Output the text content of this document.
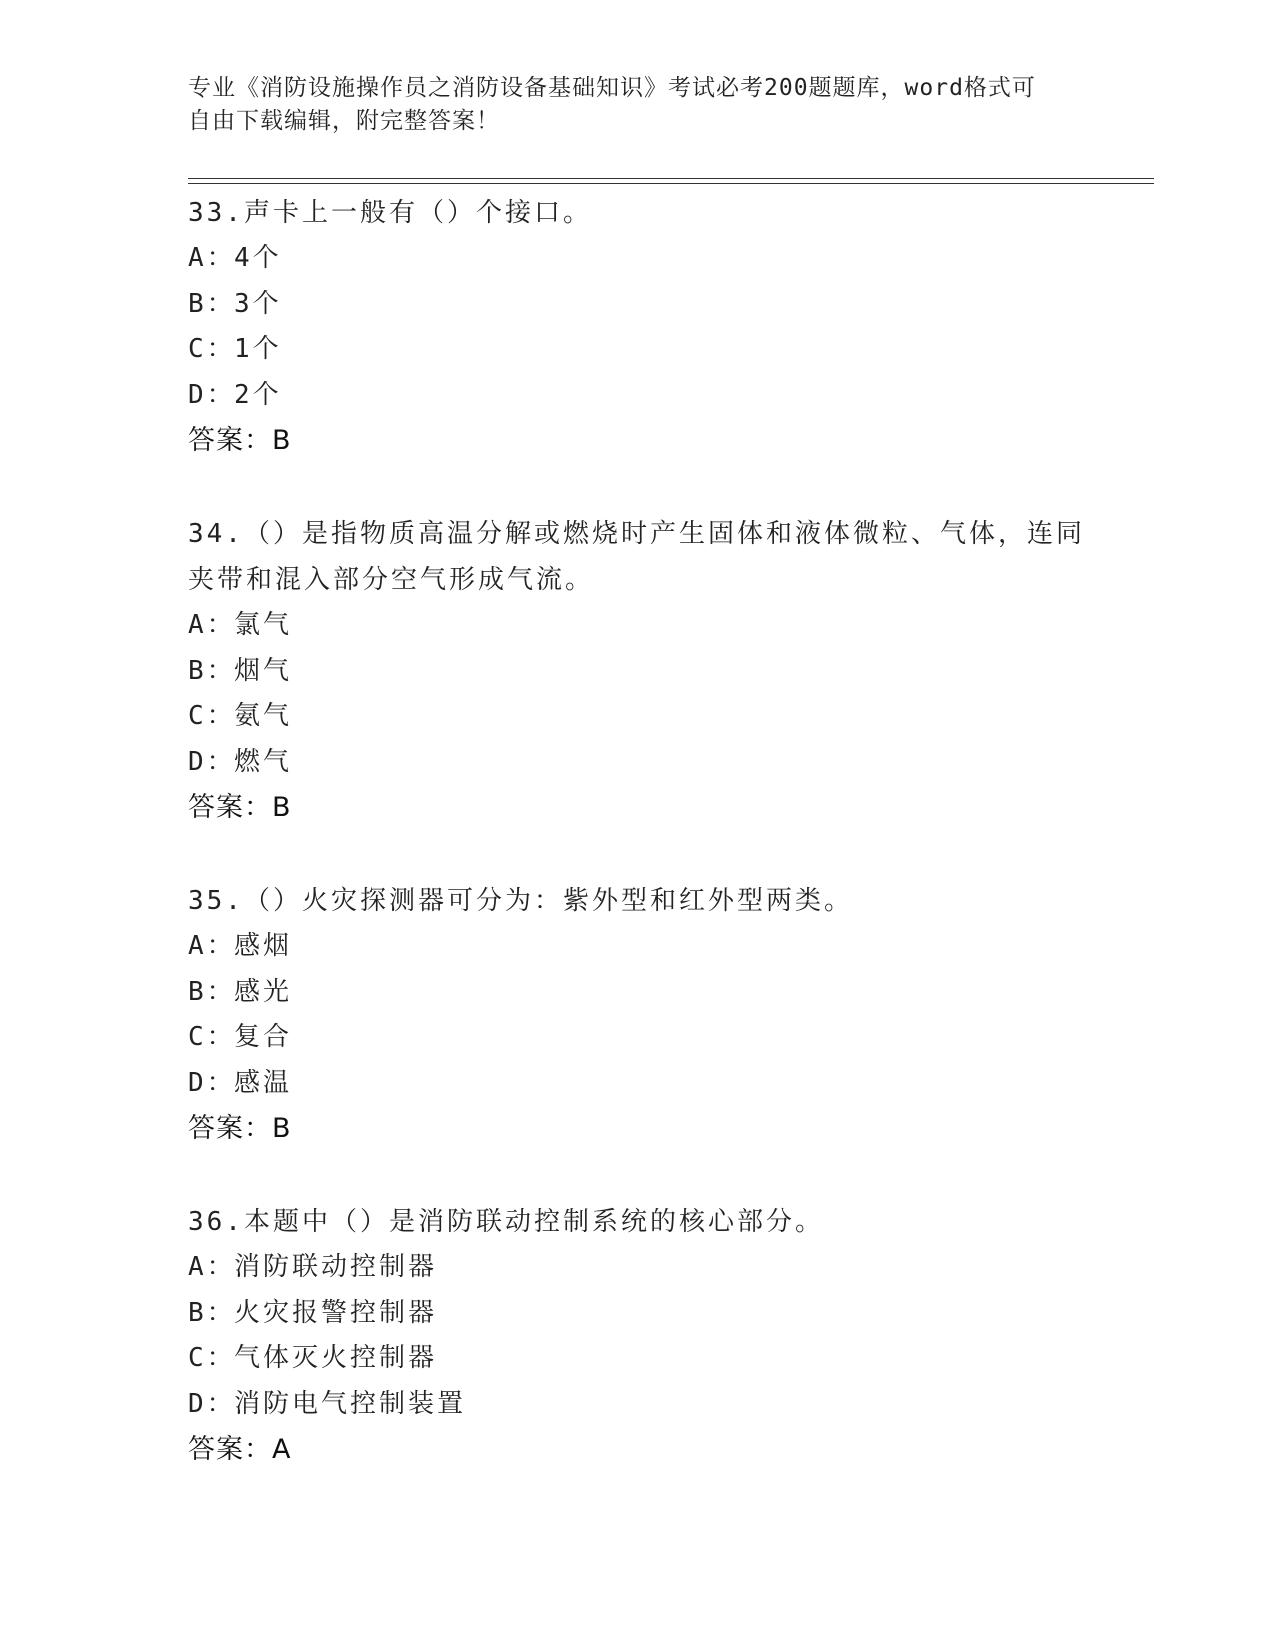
专业《消防设施操作员之消防设备基础知识》考试必考200题题库，word格式可
自由下载编辑，附完整答案！

33.声卡上一般有（）个接口。

A：4个

B：3个

C：1个

D：2个

答案：B

34.（）是指物质高温分解或燃烧时产生固体和液体微粒、气体，连同夹带和混入部分空气形成气流。

A：氯气

B：烟气

C：氨气

D：燃气

答案：B

35.（）火灾探测器可分为：紫外型和红外型两类。

A：感烟

B：感光

C：复合

D：感温

答案：B

36.本题中（）是消防联动控制系统的核心部分。

A：消防联动控制器

B：火灾报警控制器

C：气体灭火控制器

D：消防电气控制装置

答案：A
